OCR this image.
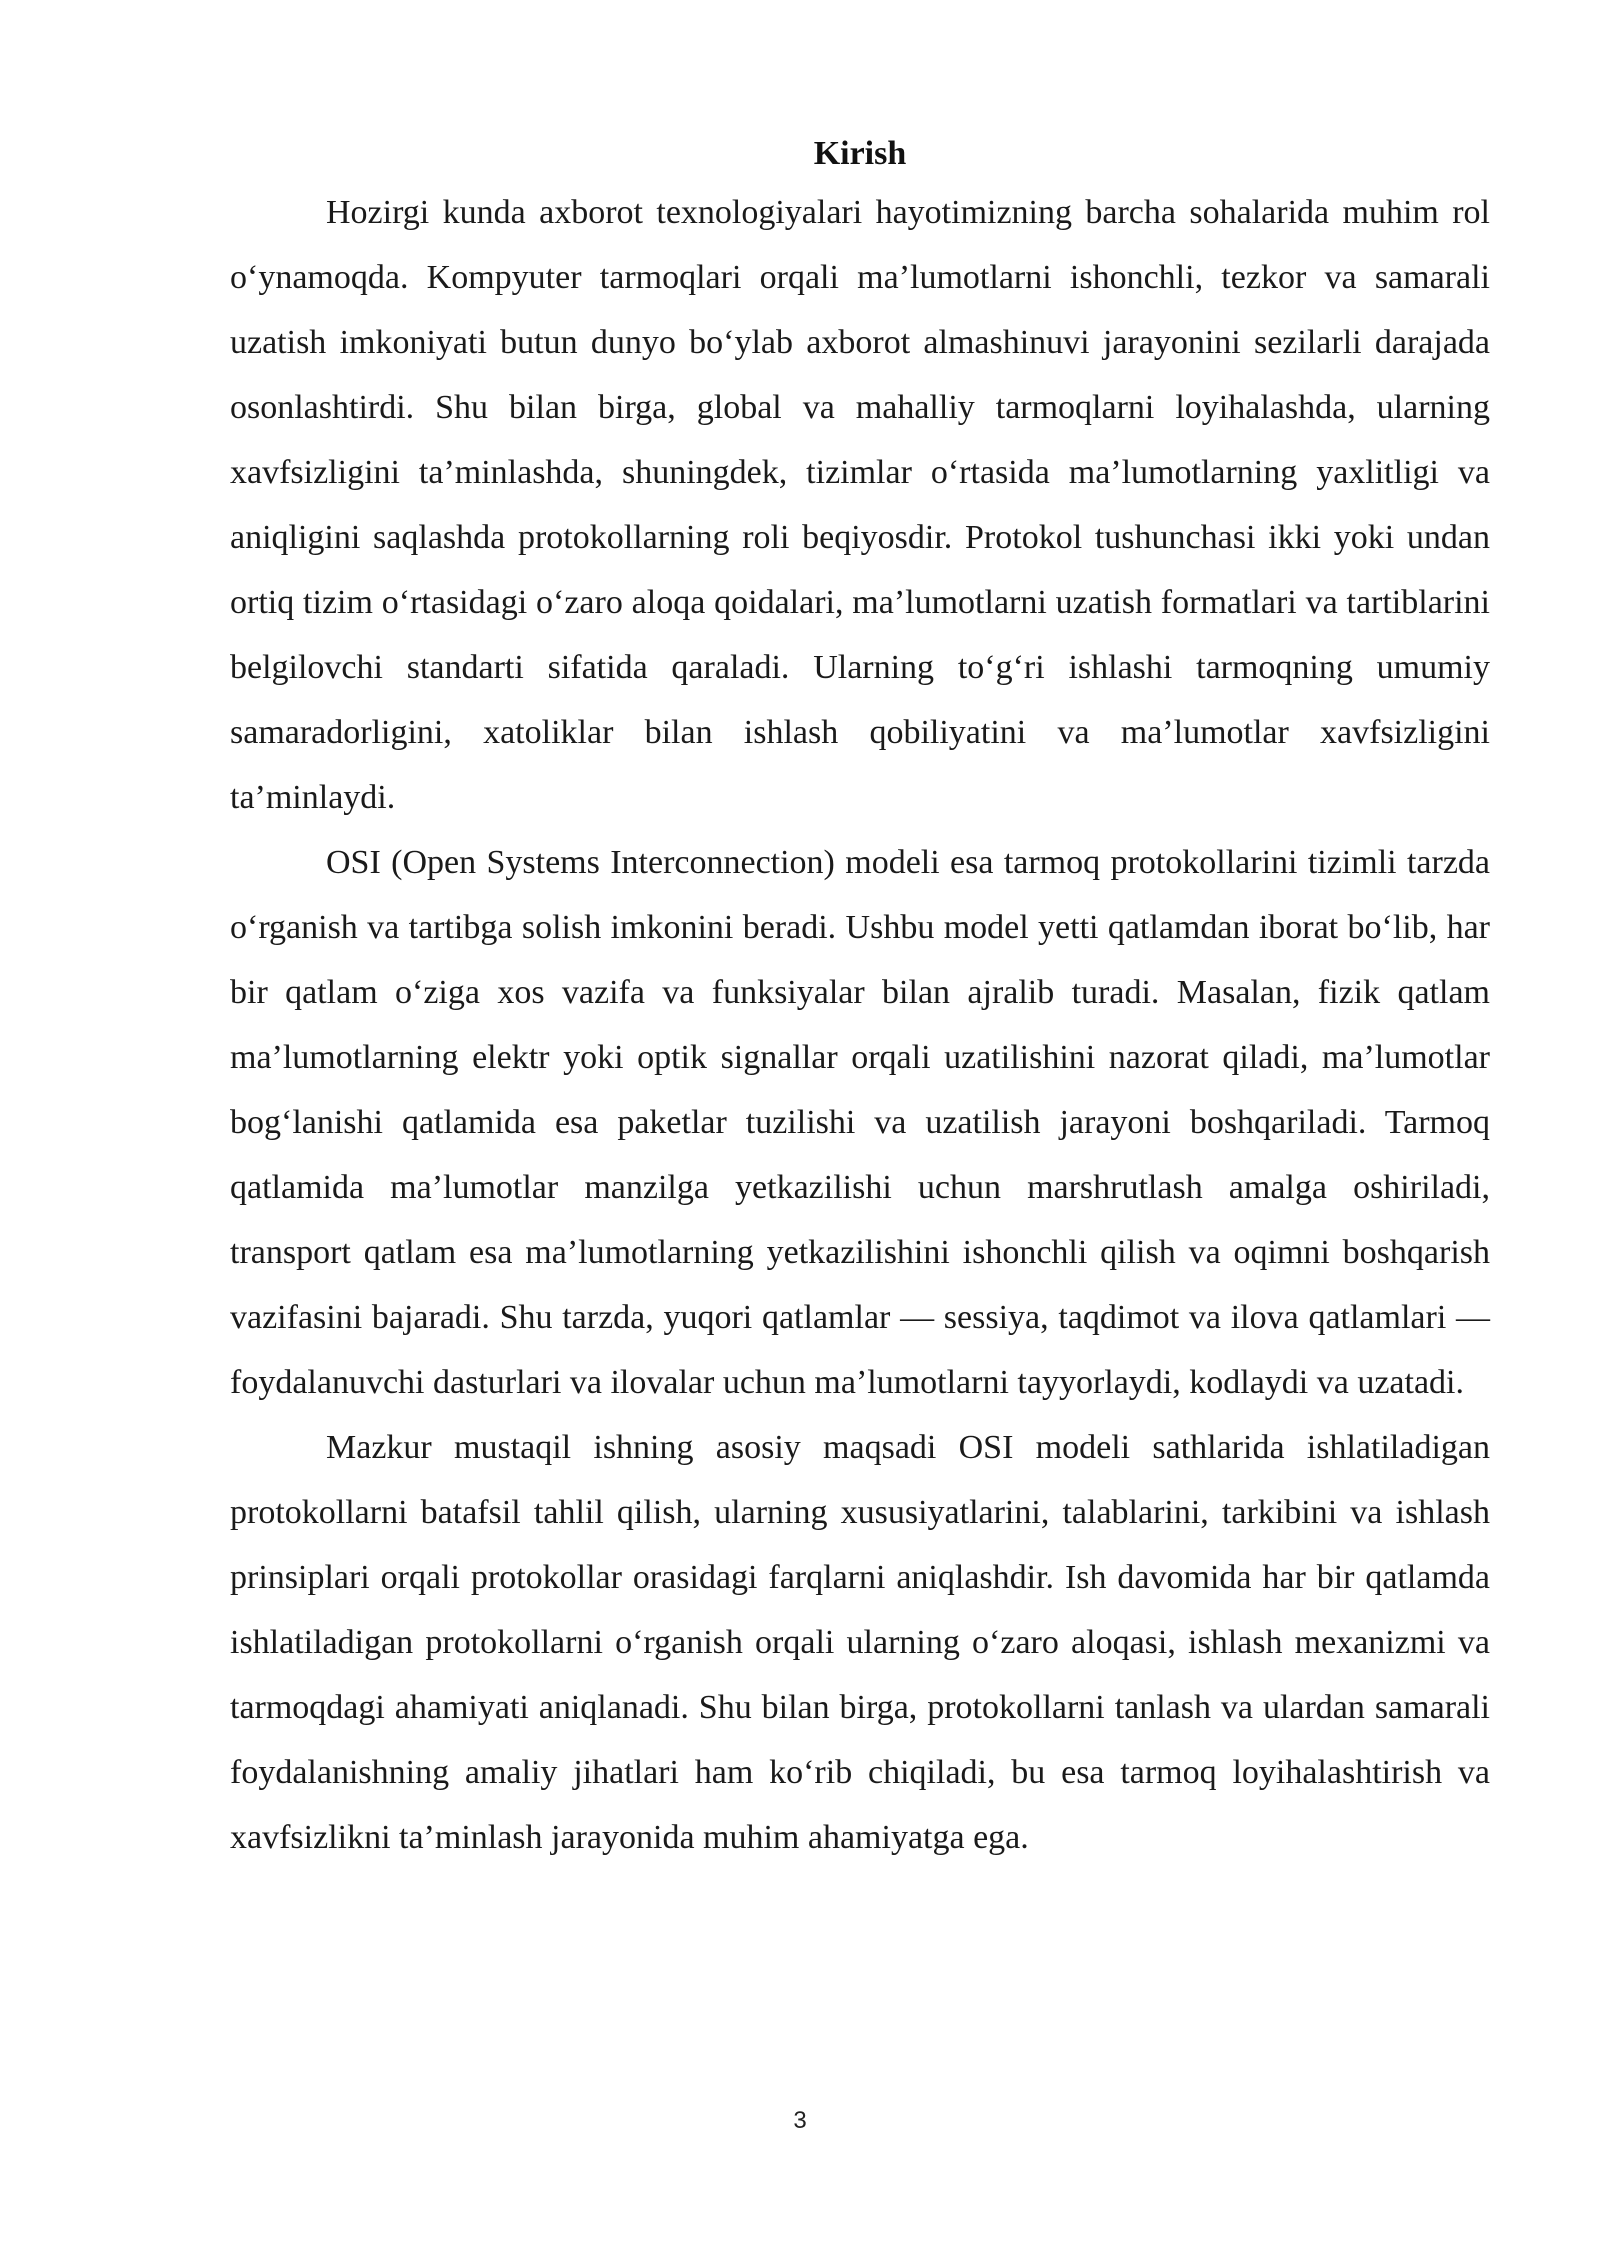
Kirish

Hozirgi kunda axborot texnologiyalari hayotimizning barcha sohalarida muhim rol o‘ynamoqda. Kompyuter tarmoqlari orqali ma’lumotlarni ishonchli, tezkor va samarali uzatish imkoniyati butun dunyo bo‘ylab axborot almashinuvi jarayonini sezilarli darajada osonlashtirdi. Shu bilan birga, global va mahalliy tarmoqlarni loyihalashda, ularning xavfsizligini ta’minlashda, shuningdek, tizimlar o‘rtasida ma’lumotlarning yaxlitligi va aniqligini saqlashda protokollarning roli beqiyosdir. Protokol tushunchasi ikki yoki undan ortiq tizim o‘rtasidagi o‘zaro aloqa qoidalari, ma’lumotlarni uzatish formatlari va tartiblarini belgilovchi standarti sifatida qaraladi. Ularning to‘g‘ri ishlashi tarmoqning umumiy samaradorligini, xatoliklar bilan ishlash qobiliyatini va ma’lumotlar xavfsizligini ta’minlaydi.

OSI (Open Systems Interconnection) modeli esa tarmoq protokollarini tizimli tarzda o‘rganish va tartibga solish imkonini beradi. Ushbu model yetti qatlamdan iborat bo‘lib, har bir qatlam o‘ziga xos vazifa va funksiyalar bilan ajralib turadi. Masalan, fizik qatlam ma’lumotlarning elektr yoki optik signallar orqali uzatilishini nazorat qiladi, ma’lumotlar bog‘lanishi qatlamida esa paketlar tuzilishi va uzatilish jarayoni boshqariladi. Tarmoq qatlamida ma’lumotlar manzilga yetkazilishi uchun marshrutlash amalga oshiriladi, transport qatlam esa ma’lumotlarning yetkazilishini ishonchli qilish va oqimni boshqarish vazifasini bajaradi. Shu tarzda, yuqori qatlamlar — sessiya, taqdimot va ilova qatlamlari — foydalanuvchi dasturlari va ilovalar uchun ma’lumotlarni tayyorlaydi, kodlaydi va uzatadi.

Mazkur mustaqil ishning asosiy maqsadi OSI modeli sathlarida ishlatiladigan protokollarni batafsil tahlil qilish, ularning xususiyatlarini, talablarini, tarkibini va ishlash prinsiplari orqali protokollar orasidagi farqlarni aniqlashdir. Ish davomida har bir qatlamda ishlatiladigan protokollarni o‘rganish orqali ularning o‘zaro aloqasi, ishlash mexanizmi va tarmoqdagi ahamiyati aniqlanadi. Shu bilan birga, protokollarni tanlash va ulardan samarali foydalanishning amaliy jihatlari ham ko‘rib chiqiladi, bu esa tarmoq loyihalashtirish va xavfsizlikni ta’minlash jarayonida muhim ahamiyatga ega.

3
